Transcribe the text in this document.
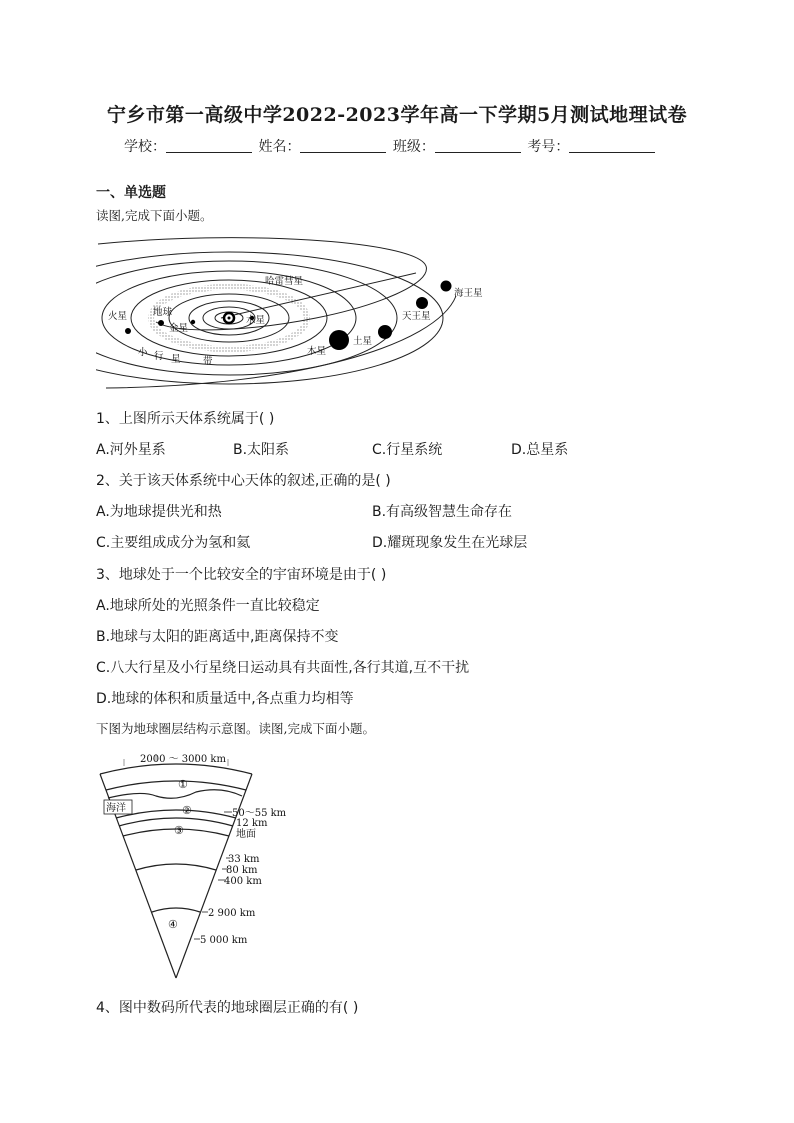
宁乡市第一高级中学2022-2023学年高一下学期5月测试地理试卷
学校：	姓名：	班级：	考号：
一、单选题
读图,完成下面小题。
哈雷彗星
海王星
火星	地球
金星
水星	天王星
土星
木星
小 行 星 带
1、上图所示天体系统属于( )
A.河外星系	B.太阳系	C.行星系统	D.总星系
2、关于该天体系统中心天体的叙述,正确的是( )
A.为地球提供光和热	B.有高级智慧生命存在
C.主要组成成分为氢和氦	D.耀斑现象发生在光球层
3、地球处于一个比较安全的宇宙环境是由于( )
A.地球所处的光照条件一直比较稳定
B.地球与太阳的距离适中,距离保持不变
C.八大行星及小行星绕日运动具有共面性,各行其道,互不干扰
D.地球的体积和质量适中,各点重力均相等
下图为地球圈层结构示意图。读图,完成下面小题。
2000 ～ 3000 km
①
②
③
④
海洋	50～55 km
12 km
地面
33 km
80 km
400 km
2 900 km
5 000 km
4、图中数码所代表的地球圈层正确的有( )
